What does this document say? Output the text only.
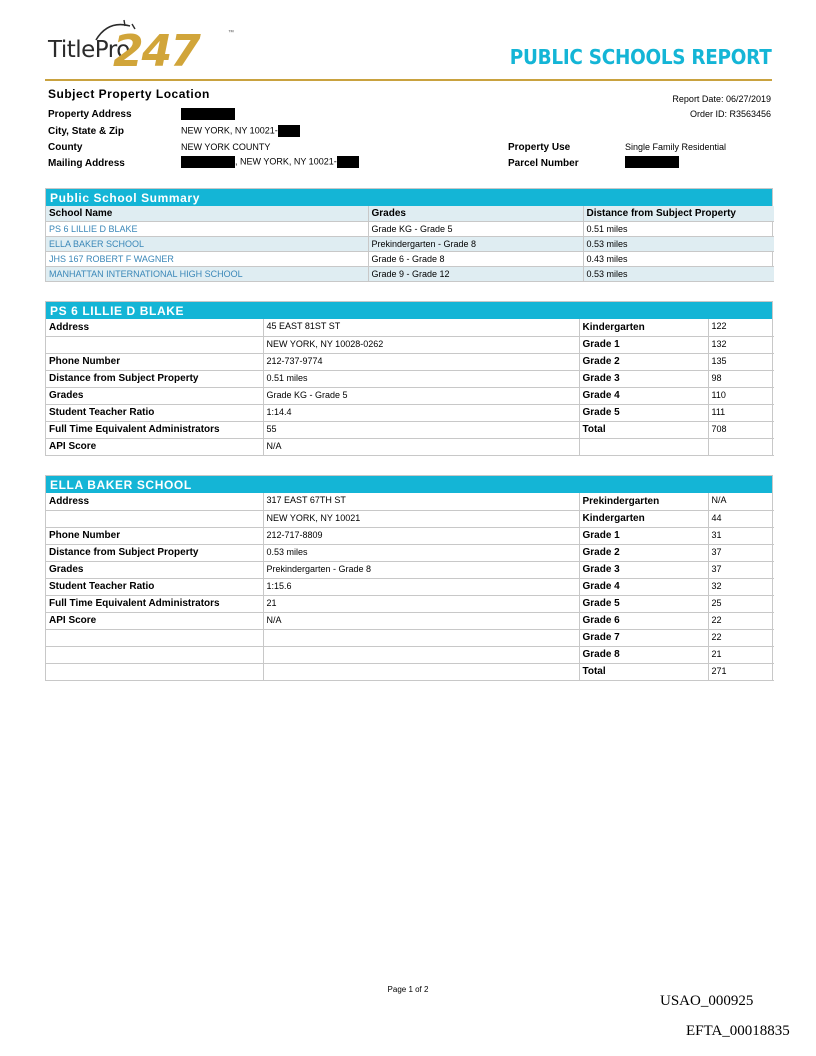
TitlePro
247	™
PUBLIC SCHOOLS REPORT
Subject Property Location	Report Date: 06/27/2019
Order ID: R3563456
Property Address
City, State & Zip	NEW YORK, NY 10021-
County	NEW YORK COUNTY
Mailing Address	, NEW YORK, NY 10021-
Property Use	Single Family Residential
Parcel Number
Public School Summary
School Name	Grades	Distance from Subject Property
PS 6 LILLIE D BLAKE	Grade KG - Grade 5	0.51 miles
ELLA BAKER SCHOOL	Prekindergarten - Grade 8	0.53 miles
JHS 167 ROBERT F WAGNER	Grade 6 - Grade 8	0.43 miles
MANHATTAN INTERNATIONAL HIGH SCHOOL	Grade 9 - Grade 12	0.53 miles
PS 6 LILLIE D BLAKE
Address	45 EAST 81ST ST	Kindergarten	122
	NEW YORK, NY 10028-0262	Grade 1	132
Phone Number	212-737-9774	Grade 2	135
Distance from Subject Property	0.51 miles	Grade 3	98
Grades	Grade KG - Grade 5	Grade 4	110
Student Teacher Ratio	1:14.4	Grade 5	111
Full Time Equivalent Administrators	55	Total	708
API Score	N/A		
ELLA BAKER SCHOOL
Address	317 EAST 67TH ST	Prekindergarten	N/A
	NEW YORK, NY 10021	Kindergarten	44
Phone Number	212-717-8809	Grade 1	31
Distance from Subject Property	0.53 miles	Grade 2	37
Grades	Prekindergarten - Grade 8	Grade 3	37
Student Teacher Ratio	1:15.6	Grade 4	32
Full Time Equivalent Administrators	21	Grade 5	25
API Score	N/A	Grade 6	22
		Grade 7	22
		Grade 8	21
		Total	271
Page 1 of 2
USAO_000925
EFTA_00018835
